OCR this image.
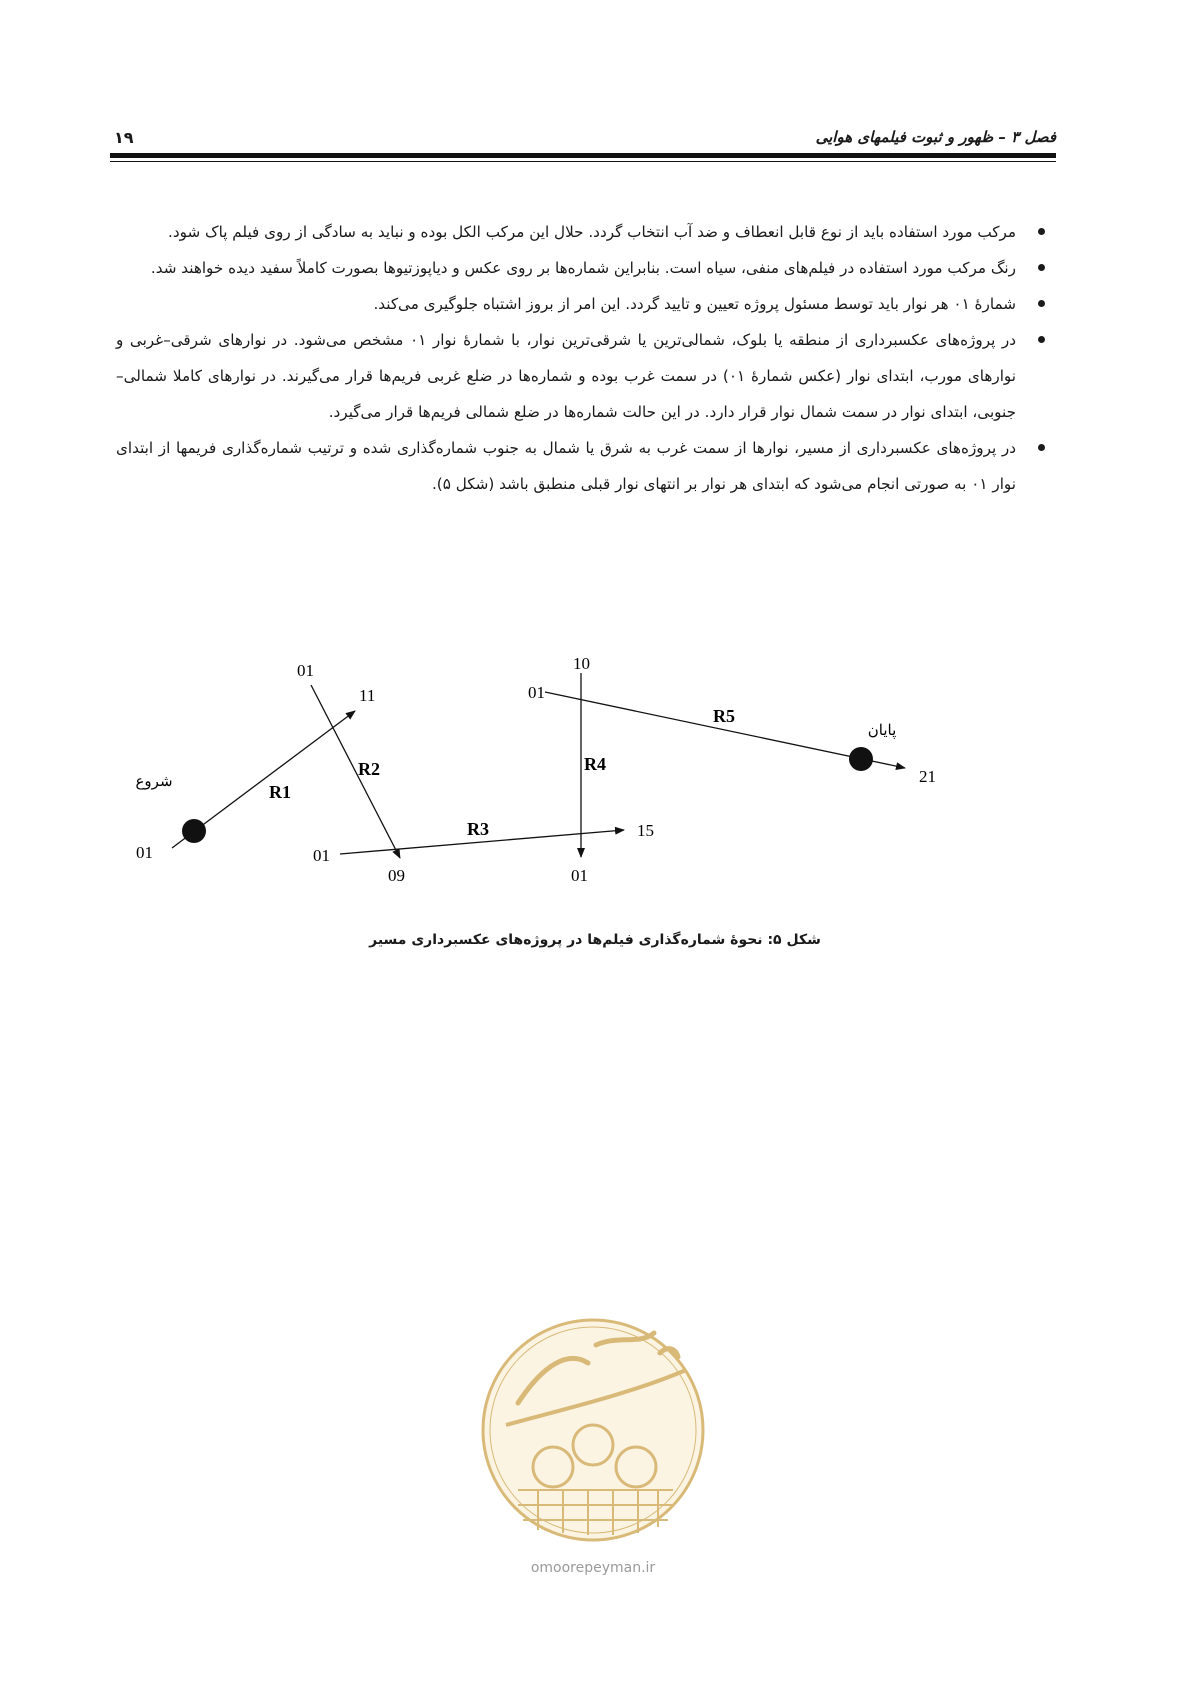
فصل ۳ – ظهور و ثبوت فیلمهای هوایی
۱۹
مرکب مورد استفاده باید از نوع قابل انعطاف و ضد آب انتخاب گردد. حلال این مرکب الکل بوده و نباید به سادگی از روی فیلم پاک شود.
رنگ مرکب مورد استفاده در فیلم‌های منفی، سیاه است. بنابراین شماره‌ها بر روی عکس و دیاپوزتیوها بصورت کاملاً سفید دیده خواهند شد.
شمارهٔ ۰۱ هر نوار باید توسط مسئول پروژه تعیین و تایید گردد. این امر از بروز اشتباه جلوگیری می‌کند.
در پروژه‌های عکسبرداری از منطقه یا بلوک، شمالی‌ترین یا شرقی‌ترین نوار، با شمارهٔ نوار ۰۱ مشخص می‌شود. در نوارهای شرقی–غربی و نوارهای مورب، ابتدای نوار (عکس شمارهٔ ۰۱) در سمت غرب بوده و شماره‌ها در ضلع غربی فریم‌ها قرار می‌گیرند. در نوارهای کاملا شمالی–جنوبی، ابتدای نوار در سمت شمال نوار قرار دارد. در این حالت شماره‌ها در ضلع شمالی فریم‌ها قرار می‌گیرد.
در پروژه‌های عکسبرداری از مسیر، نوارها از سمت غرب به شرق یا شمال به جنوب شماره‌گذاری شده و ترتیب شماره‌گذاری فریمها از ابتدای نوار ۰۱ به صورتی انجام می‌شود که ابتدای هر نوار بر انتهای نوار قبلی منطبق باشد (شکل ۵).
01
11
R1
شروع
01
09
R2
01
15
R3
10
01
R4
01
21
R5
پایان
شکل ۵: نحوهٔ شماره‌گذاری فیلم‌ها در پروژه‌های عکسبرداری مسیر
omoorepeyman.ir
